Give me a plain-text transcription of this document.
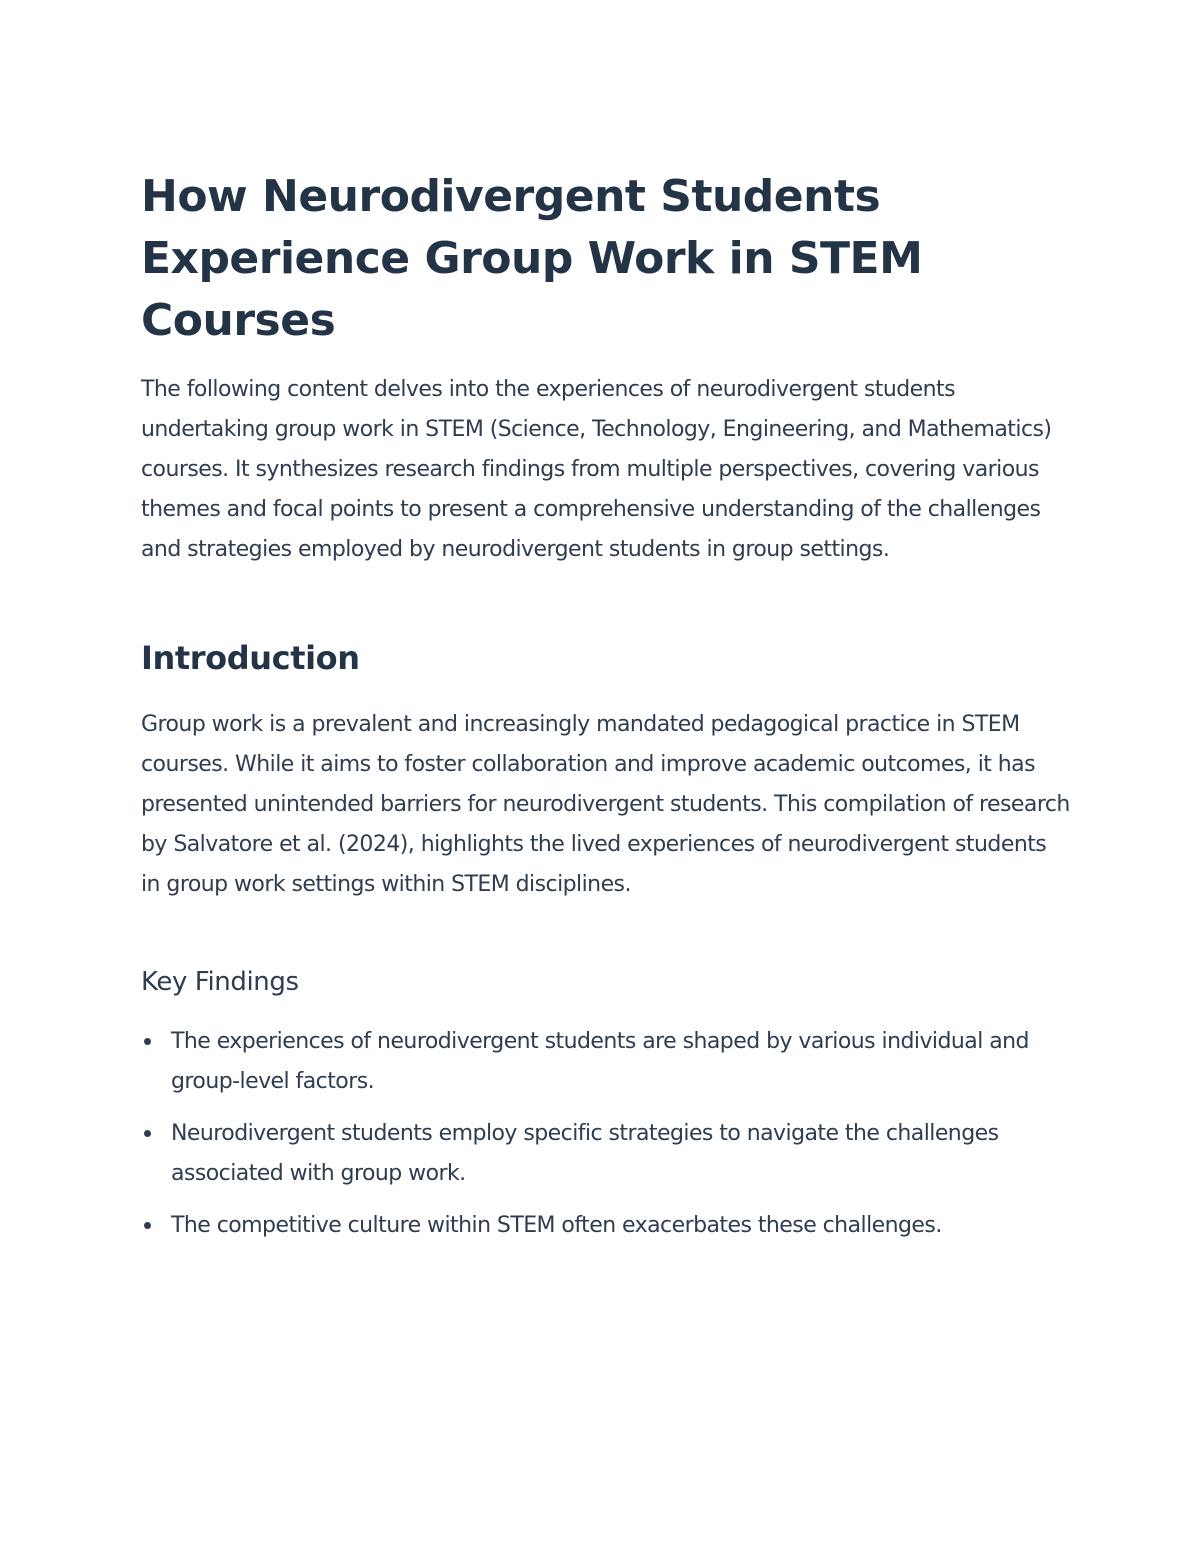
How Neurodivergent Students Experience Group Work in STEM Courses

The following content delves into the experiences of neurodivergent students undertaking group work in STEM (Science, Technology, Engineering, and Mathematics) courses. It synthesizes research findings from multiple perspectives, covering various themes and focal points to present a comprehensive understanding of the challenges and strategies employed by neurodivergent students in group settings.

Introduction

Group work is a prevalent and increasingly mandated pedagogical practice in STEM courses. While it aims to foster collaboration and improve academic outcomes, it has presented unintended barriers for neurodivergent students. This compilation of research by Salvatore et al. (2024), highlights the lived experiences of neurodivergent students in group work settings within STEM disciplines.

Key Findings
The experiences of neurodivergent students are shaped by various individual and group-level factors.
Neurodivergent students employ specific strategies to navigate the challenges associated with group work.
The competitive culture within STEM often exacerbates these challenges.
